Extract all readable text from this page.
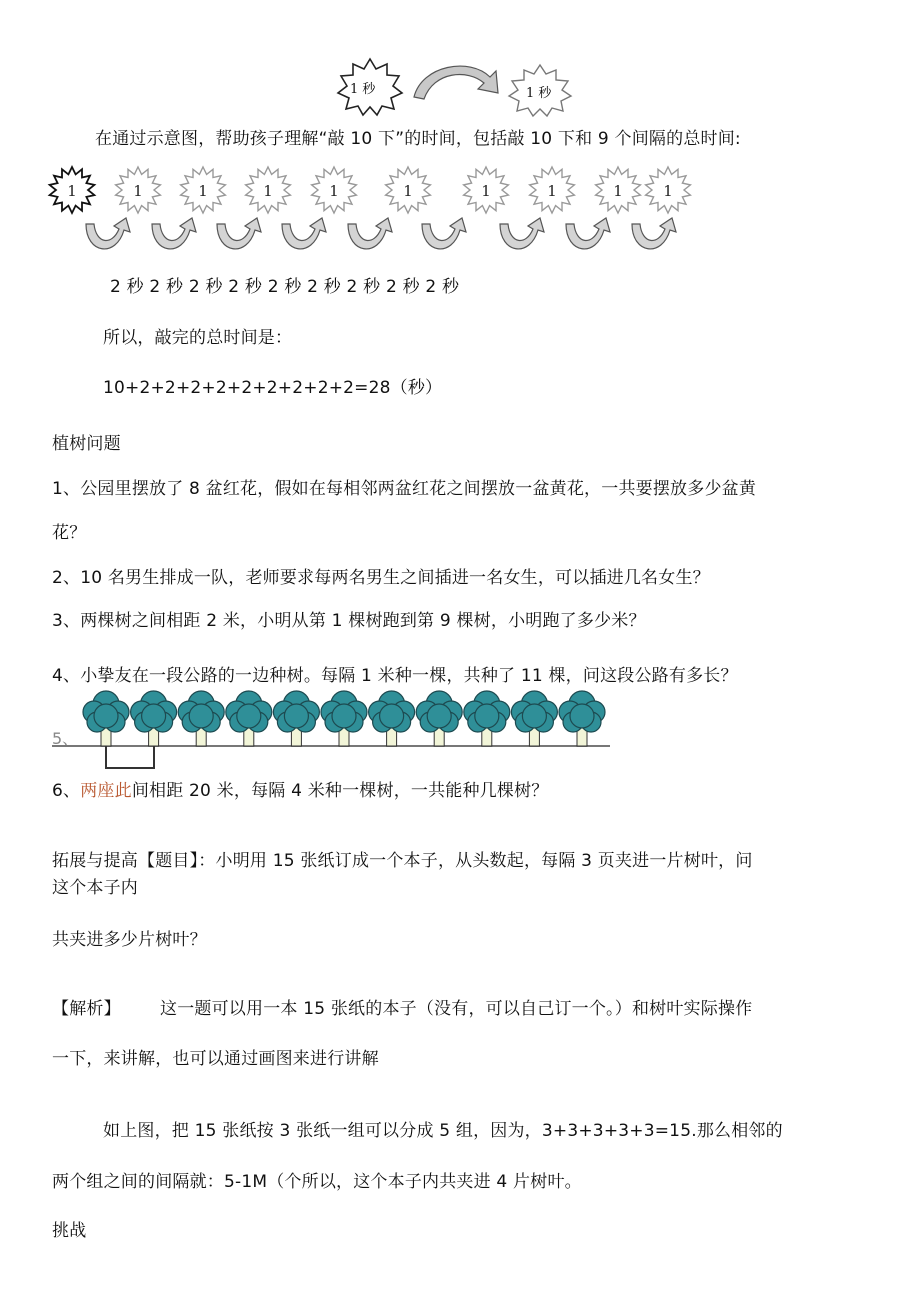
1 秒	1 秒
在通过示意图，帮助孩子理解“敲 10 下”的时间，包括敲 10 下和 9 个间隔的总时间:
1	1	1	1	1	1	1	1	1	1
2 秒 2 秒 2 秒 2 秒 2 秒 2 秒 2 秒 2 秒 2 秒
所以，敲完的总时间是：
10+2+2+2+2+2+2+2+2+2=28（秒）
植树问题
1、公园里摆放了 8 盆红花，假如在每相邻两盆红花之间摆放一盆黄花，一共要摆放多少盆黄
花？
2、10 名男生排成一队，老师要求每两名男生之间插进一名女生，可以插进几名女生？
3、两棵树之间相距 2 米，小明从第 1 棵树跑到第 9 棵树，小明跑了多少米？
4、小挚友在一段公路的一边种树。每隔 1 米种一棵，共种了 11 棵，问这段公路有多长？
5、
6、两座此间相距 20 米，每隔 4 米种一棵树，一共能种几棵树？
拓展与提高【题目】：小明用 15 张纸订成一个本子，从头数起，每隔 3 页夹进一片树叶，问
这个本子内
共夹进多少片树叶？
【解析】 这一题可以用一本 15 张纸的本子（没有，可以自己订一个。）和树叶实际操作
一下，来讲解，也可以通过画图来进行讲解
如上图，把 15 张纸按 3 张纸一组可以分成 5 组，因为，3+3+3+3+3=15.那么相邻的
两个组之间的间隔就：5-1M（个所以，这个本子内共夹进 4 片树叶。
挑战
